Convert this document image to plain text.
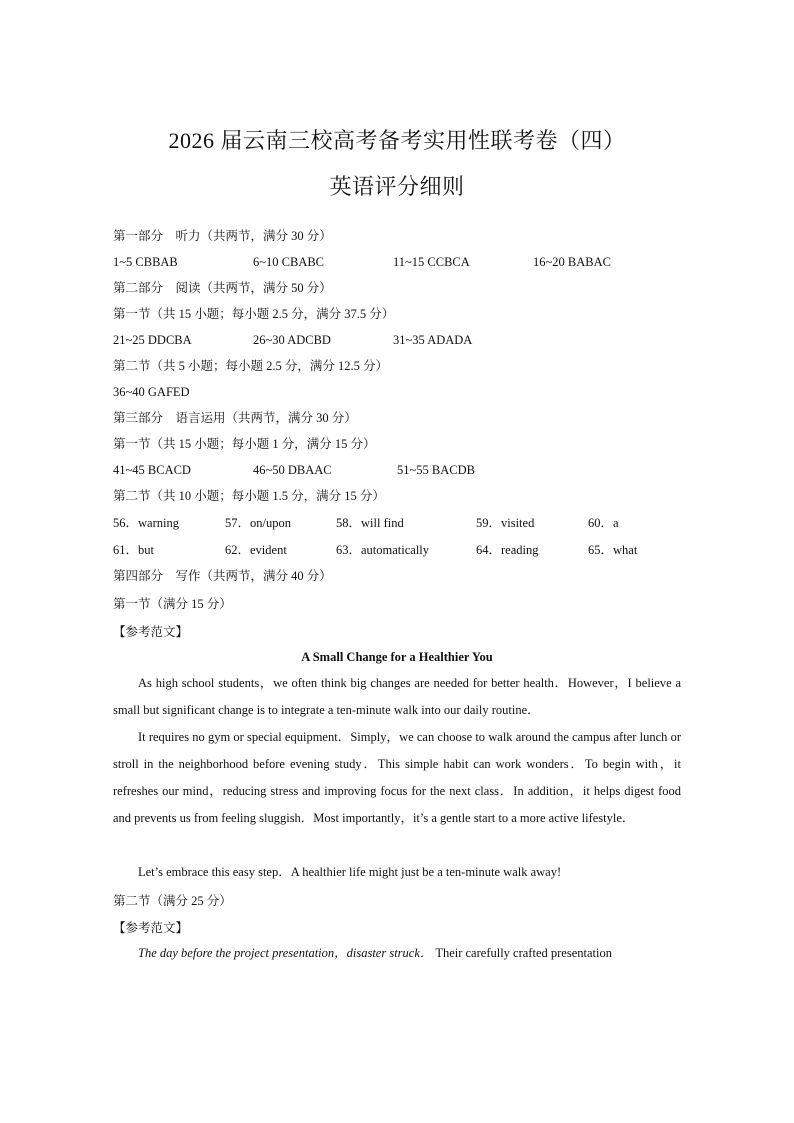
2026 届云南三校高考备考实用性联考卷（四）
英语评分细则
第一部分　听力（共两节，满分 30 分）
1~5 CBBAB	6~10 CBABC	11~15 CCBCA	16~20 BABAC
第二部分　阅读（共两节，满分 50 分）
第一节（共 15 小题；每小题 2.5 分，满分 37.5 分）
21~25 DDCBA	26~30 ADCBD	31~35 ADADA
第二节（共 5 小题；每小题 2.5 分，满分 12.5 分）
36~40 GAFED
第三部分　语言运用（共两节，满分 30 分）
第一节（共 15 小题；每小题 1 分，满分 15 分）
41~45 BCACD	46~50 DBAAC	51~55 BACDB
第二节（共 10 小题；每小题 1.5 分，满分 15 分）
56．warning	57．on/upon	58．will find	59．visited	60．a
61．but	62．evident	63．automatically	64．reading	65．what
第四部分　写作（共两节，满分 40 分）
第一节（满分 15 分）
【参考范文】
A Small Change for a Healthier You
As high school students，we often think big changes are needed for better health．However，I believe a small but significant change is to integrate a ten-minute walk into our daily routine．
It requires no gym or special equipment．Simply，we can choose to walk around the campus after lunch or stroll in the neighborhood before evening study．This simple habit can work wonders．To begin with，it refreshes our mind，reducing stress and improving focus for the next class．In addition，it helps digest food and prevents us from feeling sluggish．Most importantly，it’s a gentle start to a more active lifestyle．
Let’s embrace this easy step．A healthier life might just be a ten-minute walk away!
第二节（满分 25 分）
【参考范文】
The day before the project presentation，disaster struck． Their carefully crafted presentation
